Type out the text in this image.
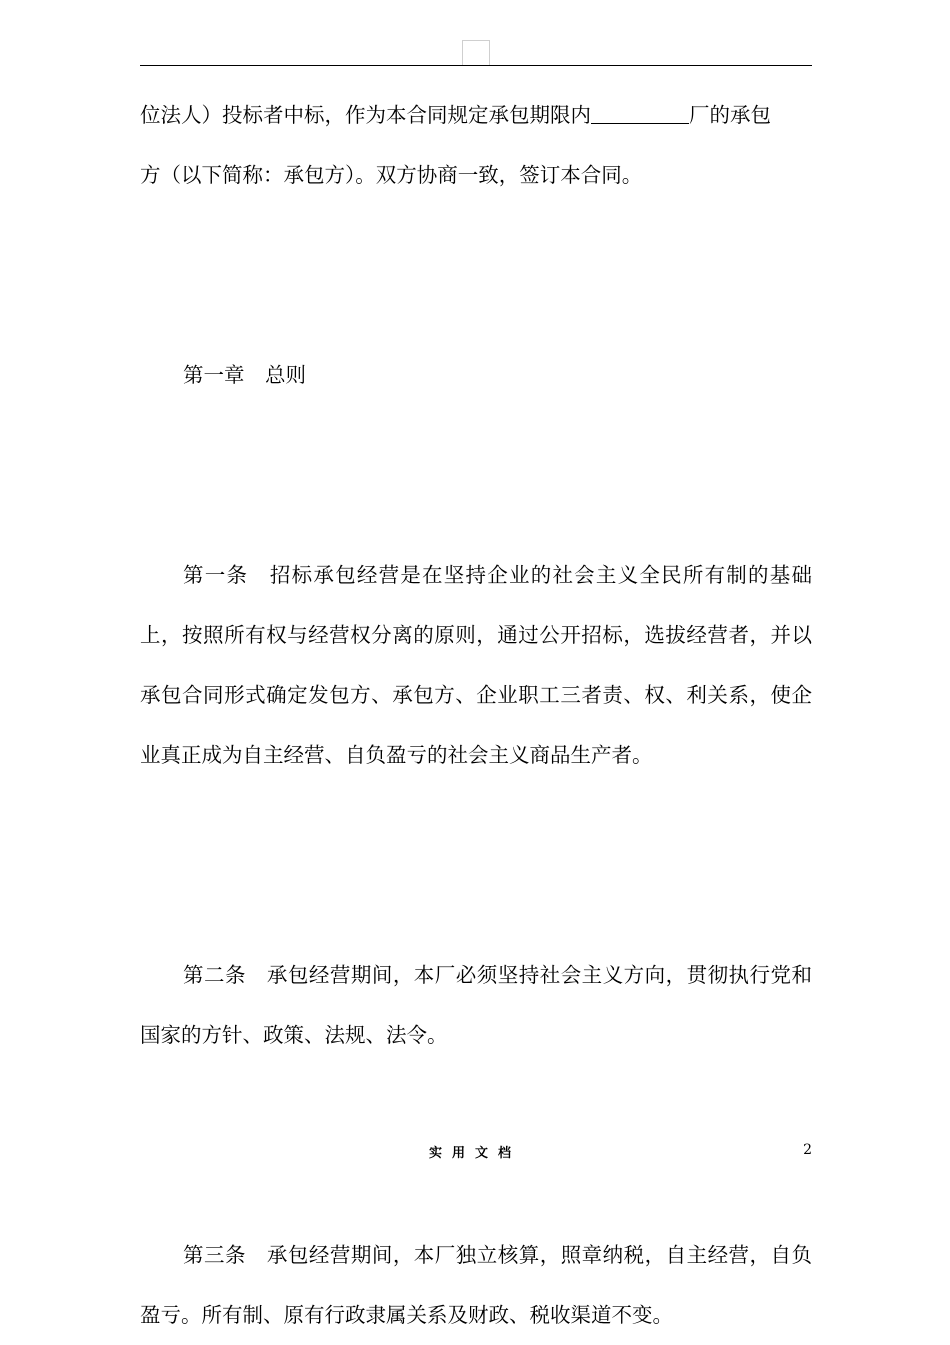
位法人）投标者中标，作为本合同规定承包期限内	厂的承包
方（以下简称：承包方）。双方协商一致，签订本合同。

第一章　总则

第一条　招标承包经营是在坚持企业的社会主义全民所有制的基础上，按照所有权与经营权分离的原则，通过公开招标，选拔经营者，并以承包合同形式确定发包方、承包方、企业职工三者责、权、利关系，使企业真正成为自主经营、自负盈亏的社会主义商品生产者。

第二条　承包经营期间，本厂必须坚持社会主义方向，贯彻执行党和国家的方针、政策、法规、法令。

第三条　承包经营期间，本厂独立核算，照章纳税，自主经营，自负盈亏。所有制、原有行政隶属关系及财政、税收渠道不变。

实用文档	2
